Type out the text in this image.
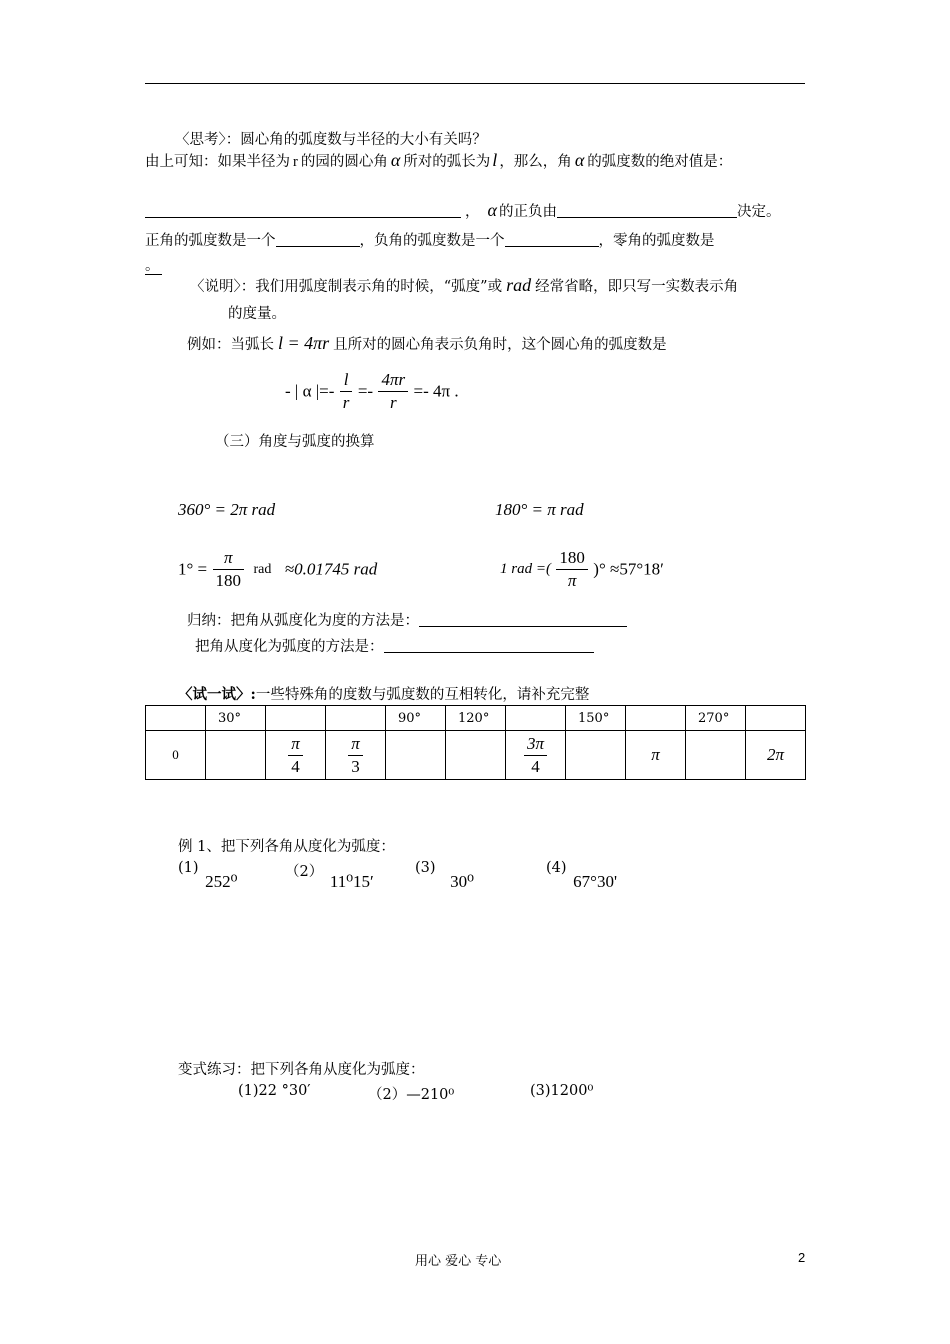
〈思考〉：圆心角的弧度数与半径的大小有关吗？
由上可知：如果半径为 r 的园的圆心角 α 所对的弧长为 l ，那么，角 α 的弧度数的绝对值是：
， α 的正负由	决定。
正角的弧度数是一个	，负角的弧度数是一个	，零角的弧度数是
。
〈说明〉：我们用弧度制表示角的时候，“弧度”或 rad 经常省略，即只写一实数表示角
的度量。
例如：当弧长 l = 4πr 且所对的圆心角表示负角时，这个圆心角的弧度数是
- | α |=- $\frac{l}{r} =- \frac{4\pi r}{r} =- 4\pi$ .
（三）角度与弧度的换算
360° = 2π rad	180° = π rad
$1^\circ = \frac{\pi}{180}$ rad ≈0.01745 rad	1 rad =( $\frac{180}{\pi}$ )° ≈57°18′
归纳：把角从弧度化为度的方法是：
把角从度化为弧度的方法是：
〈试一试〉:一些特殊角的度数与弧度数的互相转化，请补充完整
	30°			90°	120°		150°		270°	
0		$\frac{\pi}{4}$	$\frac{\pi}{3}$			$\frac{3\pi}{4}$		π		2π
例 1、把下列各角从度化为弧度：
(1) 252⁰	（2） 11⁰15′
(3) 30⁰
(4) 67°30'
变式练习：把下列各角从度化为弧度：
(1)22 °30′	（2）—210⁰	(3)1200⁰
用心 爱心 专心	2
